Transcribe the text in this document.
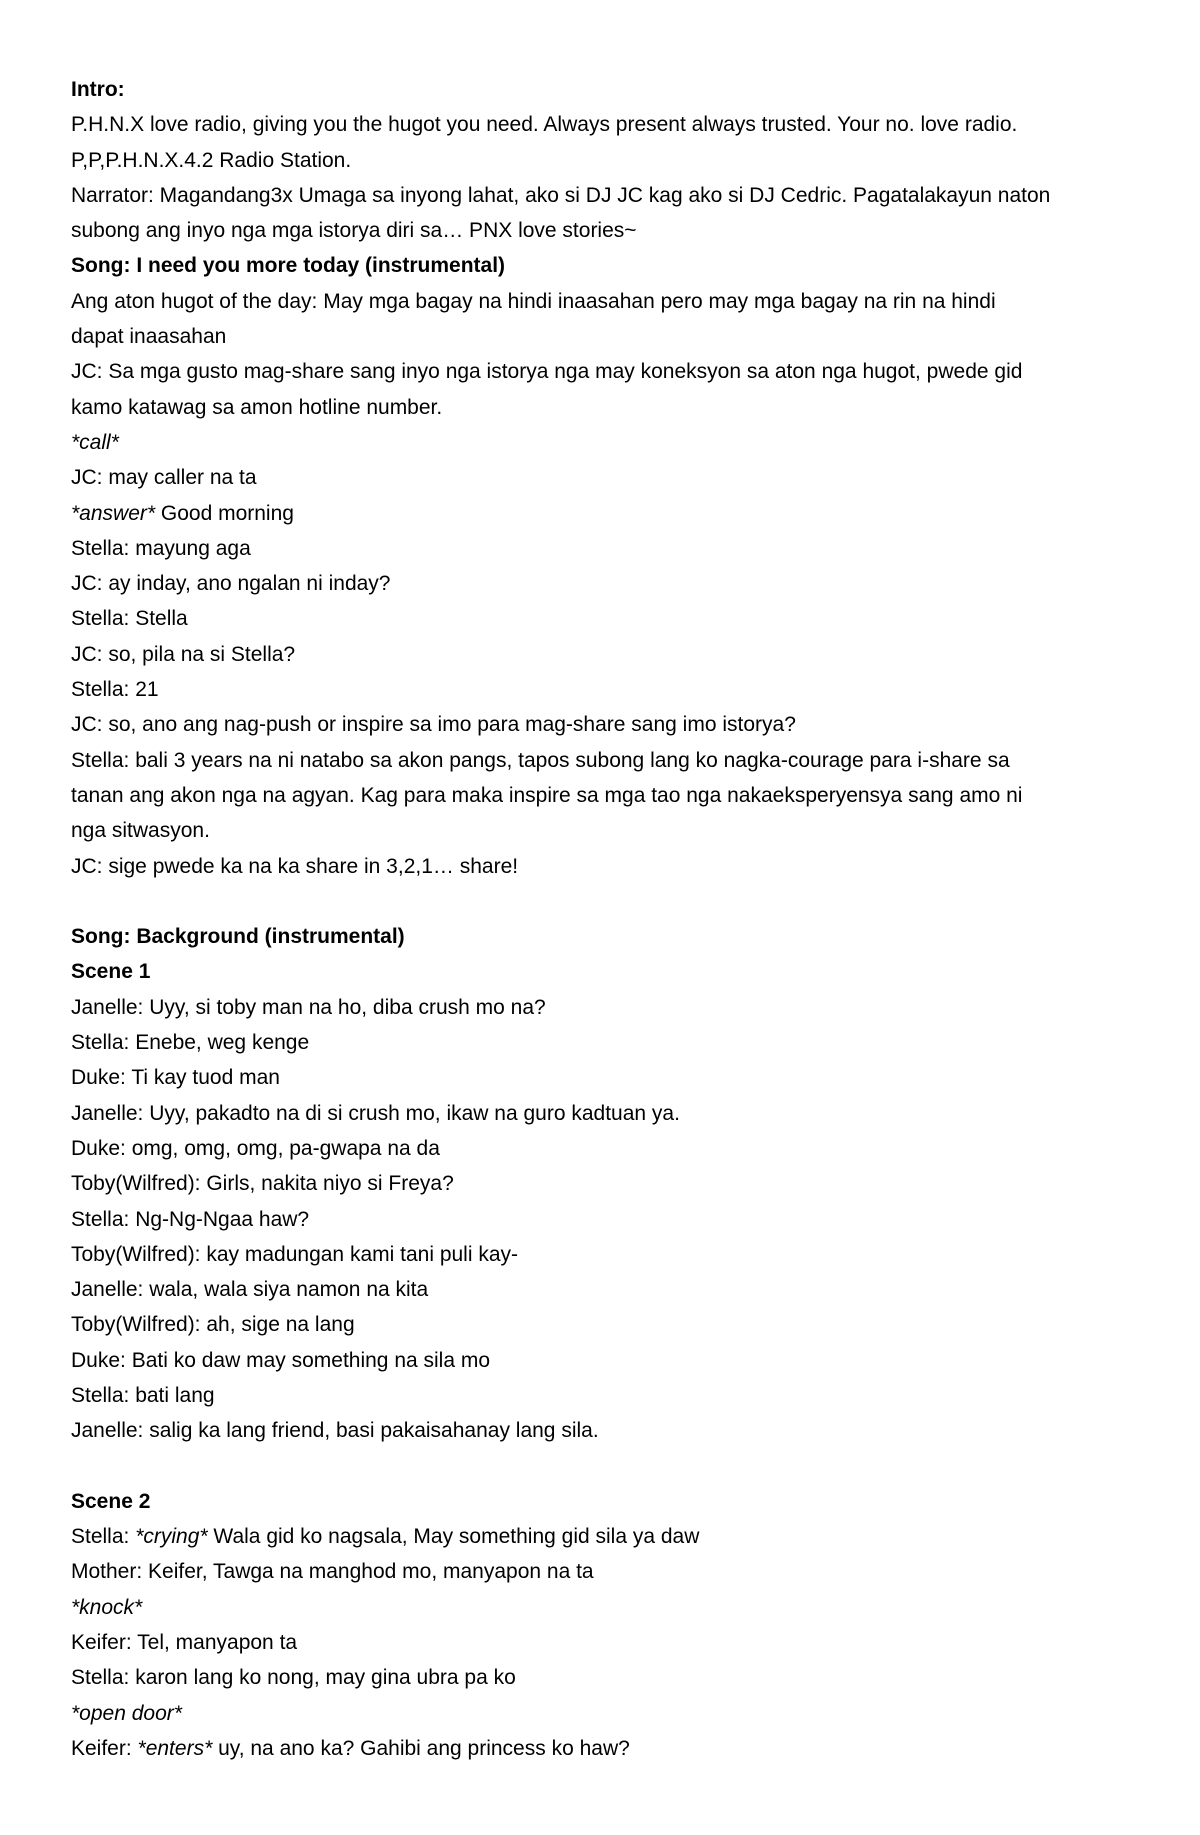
Intro:
P.H.N.X love radio, giving you the hugot you need. Always present always trusted. Your no. love radio.
P,P,P.H.N.X.4.2 Radio Station.
Narrator: Magandang3x Umaga sa inyong lahat, ako si DJ JC kag ako si DJ Cedric. Pagatalakayun naton
subong ang inyo nga mga istorya diri sa… PNX love stories~
Song: I need you more today (instrumental)
Ang aton hugot of the day: May mga bagay na hindi inaasahan pero may mga bagay na rin na hindi
dapat inaasahan
JC: Sa mga gusto mag-share sang inyo nga istorya nga may koneksyon sa aton nga hugot, pwede gid
kamo katawag sa amon hotline number.
*call*
JC: may caller na ta
*answer* Good morning
Stella: mayung aga
JC: ay inday, ano ngalan ni inday?
Stella: Stella
JC: so, pila na si Stella?
Stella: 21
JC: so, ano ang nag-push or inspire sa imo para mag-share sang imo istorya?
Stella: bali 3 years na ni natabo sa akon pangs, tapos subong lang ko nagka-courage para i-share sa
tanan ang akon nga na agyan. Kag para maka inspire sa mga tao nga nakaeksperyensya sang amo ni
nga sitwasyon.
JC: sige pwede ka na ka share in 3,2,1… share!
Song: Background (instrumental)
Scene 1
Janelle: Uyy, si toby man na ho, diba crush mo na?
Stella: Enebe, weg kenge
Duke: Ti kay tuod man
Janelle: Uyy, pakadto na di si crush mo, ikaw na guro kadtuan ya.
Duke: omg, omg, omg, pa-gwapa na da
Toby(Wilfred): Girls, nakita niyo si Freya?
Stella: Ng-Ng-Ngaa haw?
Toby(Wilfred): kay madungan kami tani puli kay-
Janelle: wala, wala siya namon na kita
Toby(Wilfred): ah, sige na lang
Duke: Bati ko daw may something na sila mo
Stella: bati lang
Janelle: salig ka lang friend, basi pakaisahanay lang sila.
Scene 2
Stella: *crying* Wala gid ko nagsala, May something gid sila ya daw
Mother: Keifer, Tawga na manghod mo, manyapon na ta
*knock*
Keifer: Tel, manyapon ta
Stella: karon lang ko nong, may gina ubra pa ko
*open door*
Keifer: *enters* uy, na ano ka? Gahibi ang princess ko haw?
